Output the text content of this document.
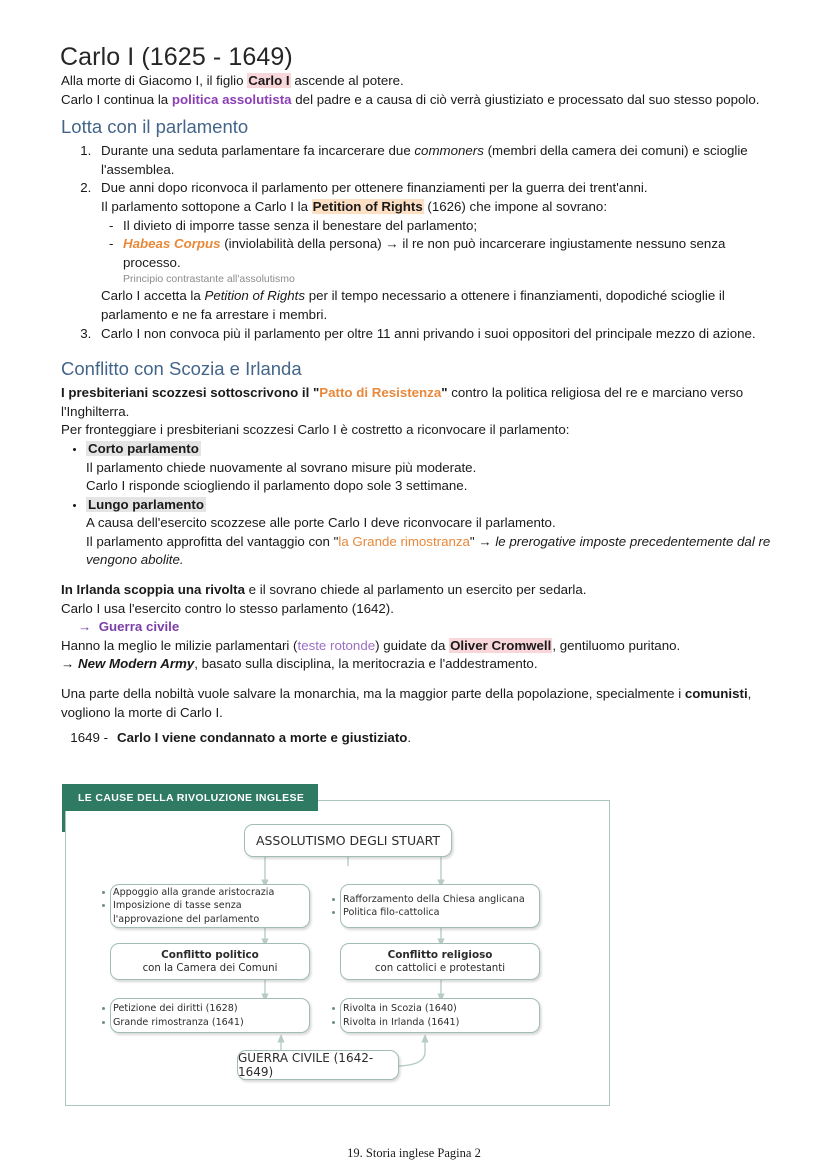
Carlo I (1625 - 1649)

Alla morte di Giacomo I, il figlio Carlo I ascende al potere.

Carlo I continua la politica assolutista del padre e a causa di ciò verrà giustiziato e processato dal suo stesso popolo.

Lotta con il parlamento
1. Durante una seduta parlamentare fa incarcerare due commoners (membri della camera dei comuni) e scioglie l'assemblea.
2. Due anni dopo riconvoca il parlamento per ottenere finanziamenti per la guerra dei trent'anni.
Il parlamento sottopone a Carlo I la Petition of Rights (1626) che impone al sovrano:
- Il divieto di imporre tasse senza il benestare del parlamento;
- Habeas Corpus (inviolabilità della persona) → il re non può incarcerare ingiustamente nessuno senza processo.
Principio contrastante all'assolutismo
Carlo I accetta la Petition of Rights per il tempo necessario a ottenere i finanziamenti, dopodiché scioglie il parlamento e ne fa arrestare i membri.
3. Carlo I non convoca più il parlamento per oltre 11 anni privando i suoi oppositori del principale mezzo di azione.
Conflitto con Scozia e Irlanda

I presbiteriani scozzesi sottoscrivono il "Patto di Resistenza" contro la politica religiosa del re e marciano verso l'Inghilterra.

Per fronteggiare i presbiteriani scozzesi Carlo I è costretto a riconvocare il parlamento:

• Corto parlamento
Il parlamento chiede nuovamente al sovrano misure più moderate.
Carlo I risponde sciogliendo il parlamento dopo sole 3 settimane.
• Lungo parlamento
A causa dell'esercito scozzese alle porte Carlo I deve riconvocare il parlamento.
Il parlamento approfitta del vantaggio con "la Grande rimostranza" → le prerogative imposte precedentemente dal re vengono abolite.

In Irlanda scoppia una rivolta e il sovrano chiede al parlamento un esercito per sedarla.

Carlo I usa l'esercito contro lo stesso parlamento (1642).

→ Guerra civile

Hanno la meglio le milizie parlamentari (teste rotonde) guidate da Oliver Cromwell, gentiluomo puritano.

→ New Modern Army, basato sulla disciplina, la meritocrazia e l'addestramento.

Una parte della nobiltà vuole salvare la monarchia, ma la maggior parte della popolazione, specialmente i comunisti, vogliono la morte di Carlo I.

1649 - Carlo I viene condannato a morte e giustiziato.
ASSOLUTISMO DEGLI STUART
Appoggio alla grande aristocrazia
Imposizione di tasse senza l'approvazione del parlamento
Rafforzamento della Chiesa anglicana
Politica filo-cattolica
Conflitto politico
con la Camera dei Comuni
Conflitto religioso
con cattolici e protestanti
Petizione dei diritti (1628)
Grande rimostranza (1641)
Rivolta in Scozia (1640)
Rivolta in Irlanda (1641)
GUERRA CIVILE (1642-1649)
LE CAUSE DELLA RIVOLUZIONE INGLESE
19. Storia inglese Pagina 2
